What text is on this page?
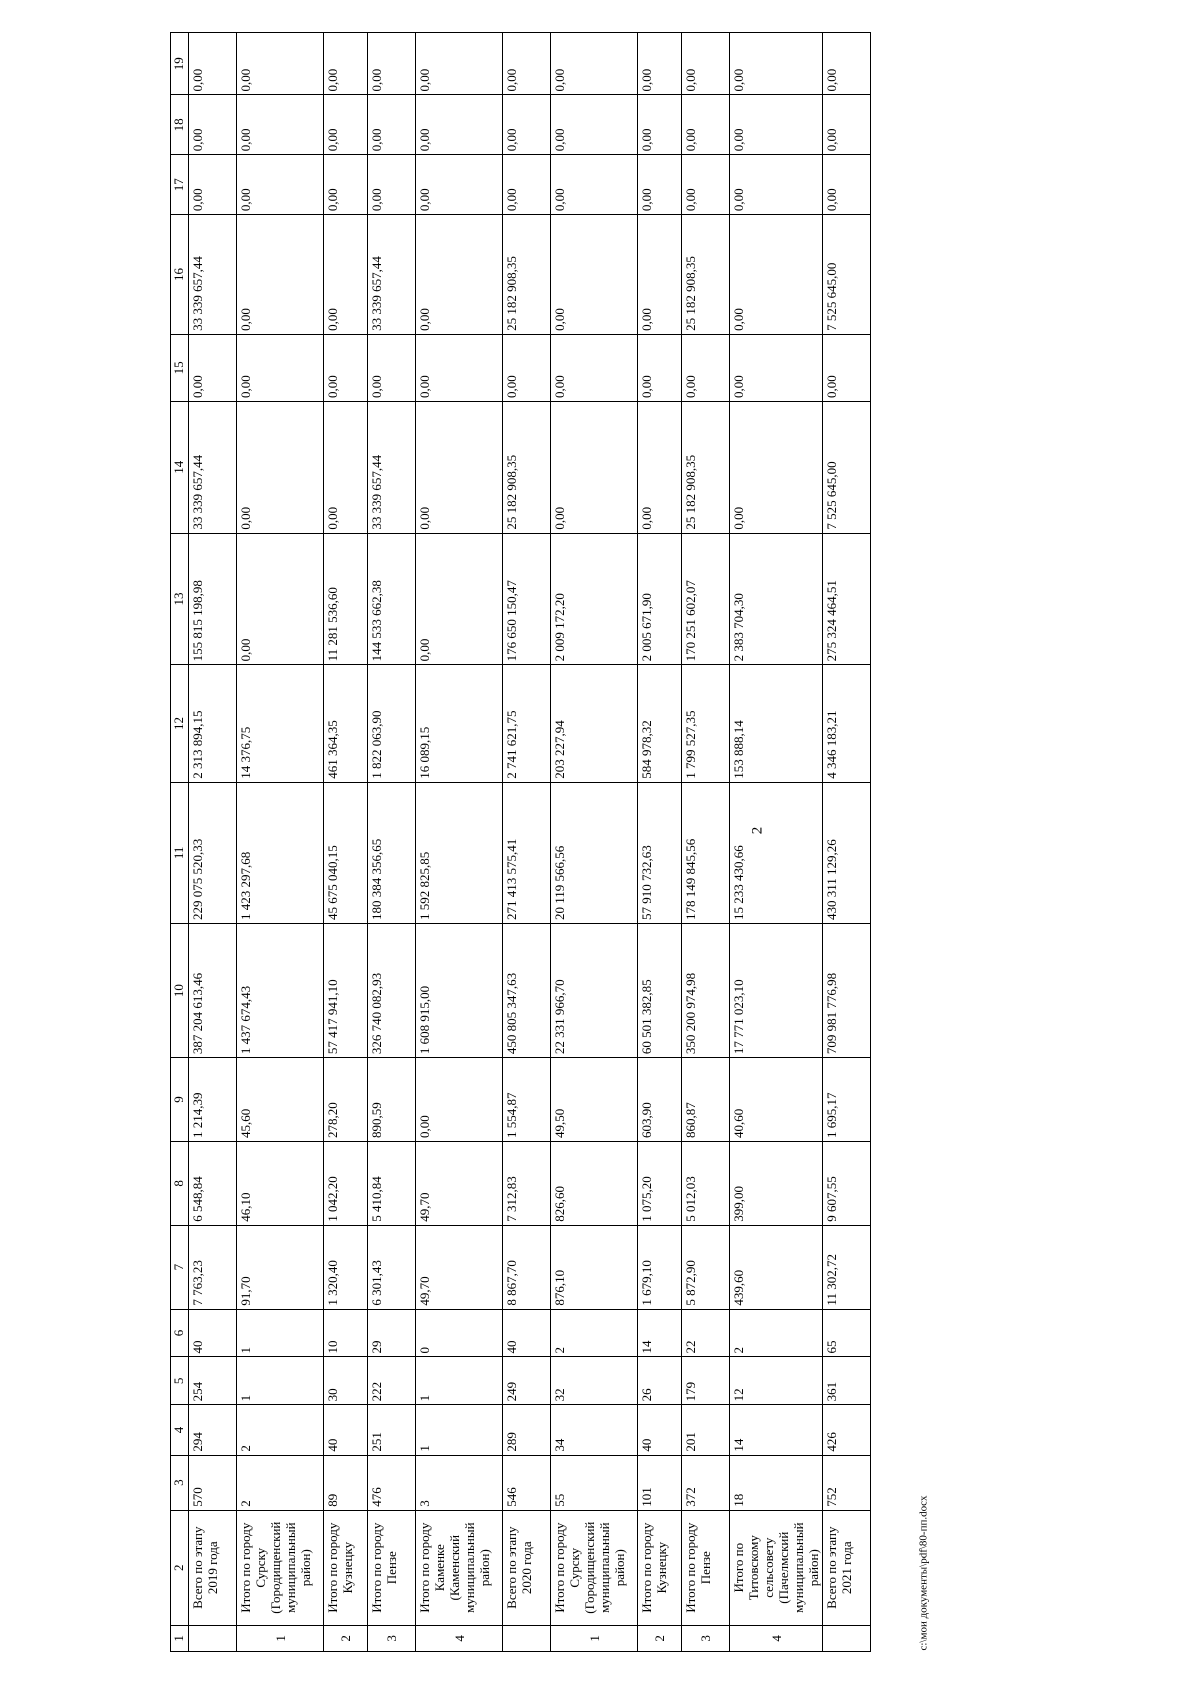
2
1	2	3	4	5	6	7	8	9	10	11	12	13	14	15	16	17	18	19
	Всего по этапу 2019 года	570	294	254	40	7 763,23	6 548,84	1 214,39	387 204 613,46	229 075 520,33	2 313 894,15	155 815 198,98	33 339 657,44	0,00	33 339 657,44	0,00	0,00	0,00
1	Итого по городу Сурску (Городищенский муниципальный район)	2	2	1	1	91,70	46,10	45,60	1 437 674,43	1 423 297,68	14 376,75	0,00	0,00	0,00	0,00	0,00	0,00	0,00
2	Итого по городу Кузнецку	89	40	30	10	1 320,40	1 042,20	278,20	57 417 941,10	45 675 040,15	461 364,35	11 281 536,60	0,00	0,00	0,00	0,00	0,00	0,00
3	Итого по городу Пензе	476	251	222	29	6 301,43	5 410,84	890,59	326 740 082,93	180 384 356,65	1 822 063,90	144 533 662,38	33 339 657,44	0,00	33 339 657,44	0,00	0,00	0,00
4	Итого по городу Каменке (Каменский муниципальный район)	3	1	1	0	49,70	49,70	0,00	1 608 915,00	1 592 825,85	16 089,15	0,00	0,00	0,00	0,00	0,00	0,00	0,00
	Всего по этапу 2020 года	546	289	249	40	8 867,70	7 312,83	1 554,87	450 805 347,63	271 413 575,41	2 741 621,75	176 650 150,47	25 182 908,35	0,00	25 182 908,35	0,00	0,00	0,00
1	Итого по городу Сурску (Городищенский муниципальный район)	55	34	32	2	876,10	826,60	49,50	22 331 966,70	20 119 566,56	203 227,94	2 009 172,20	0,00	0,00	0,00	0,00	0,00	0,00
2	Итого по городу Кузнецку	101	40	26	14	1 679,10	1 075,20	603,90	60 501 382,85	57 910 732,63	584 978,32	2 005 671,90	0,00	0,00	0,00	0,00	0,00	0,00
3	Итого по городу Пензе	372	201	179	22	5 872,90	5 012,03	860,87	350 200 974,98	178 149 845,56	1 799 527,35	170 251 602,07	25 182 908,35	0,00	25 182 908,35	0,00	0,00	0,00
4	Итого по Титовскому сельсовету (Пачелмский муниципальный район)	18	14	12	2	439,60	399,00	40,60	17 771 023,10	15 233 430,66	153 888,14	2 383 704,30	0,00	0,00	0,00	0,00	0,00	0,00
	Всего по этапу 2021 года	752	426	361	65	11 302,72	9 607,55	1 695,17	709 981 776,98	430 311 129,26	4 346 183,21	275 324 464,51	7 525 645,00	0,00	7 525 645,00	0,00	0,00	0,00
c:\мои документы\pdf\80-пп.docx
